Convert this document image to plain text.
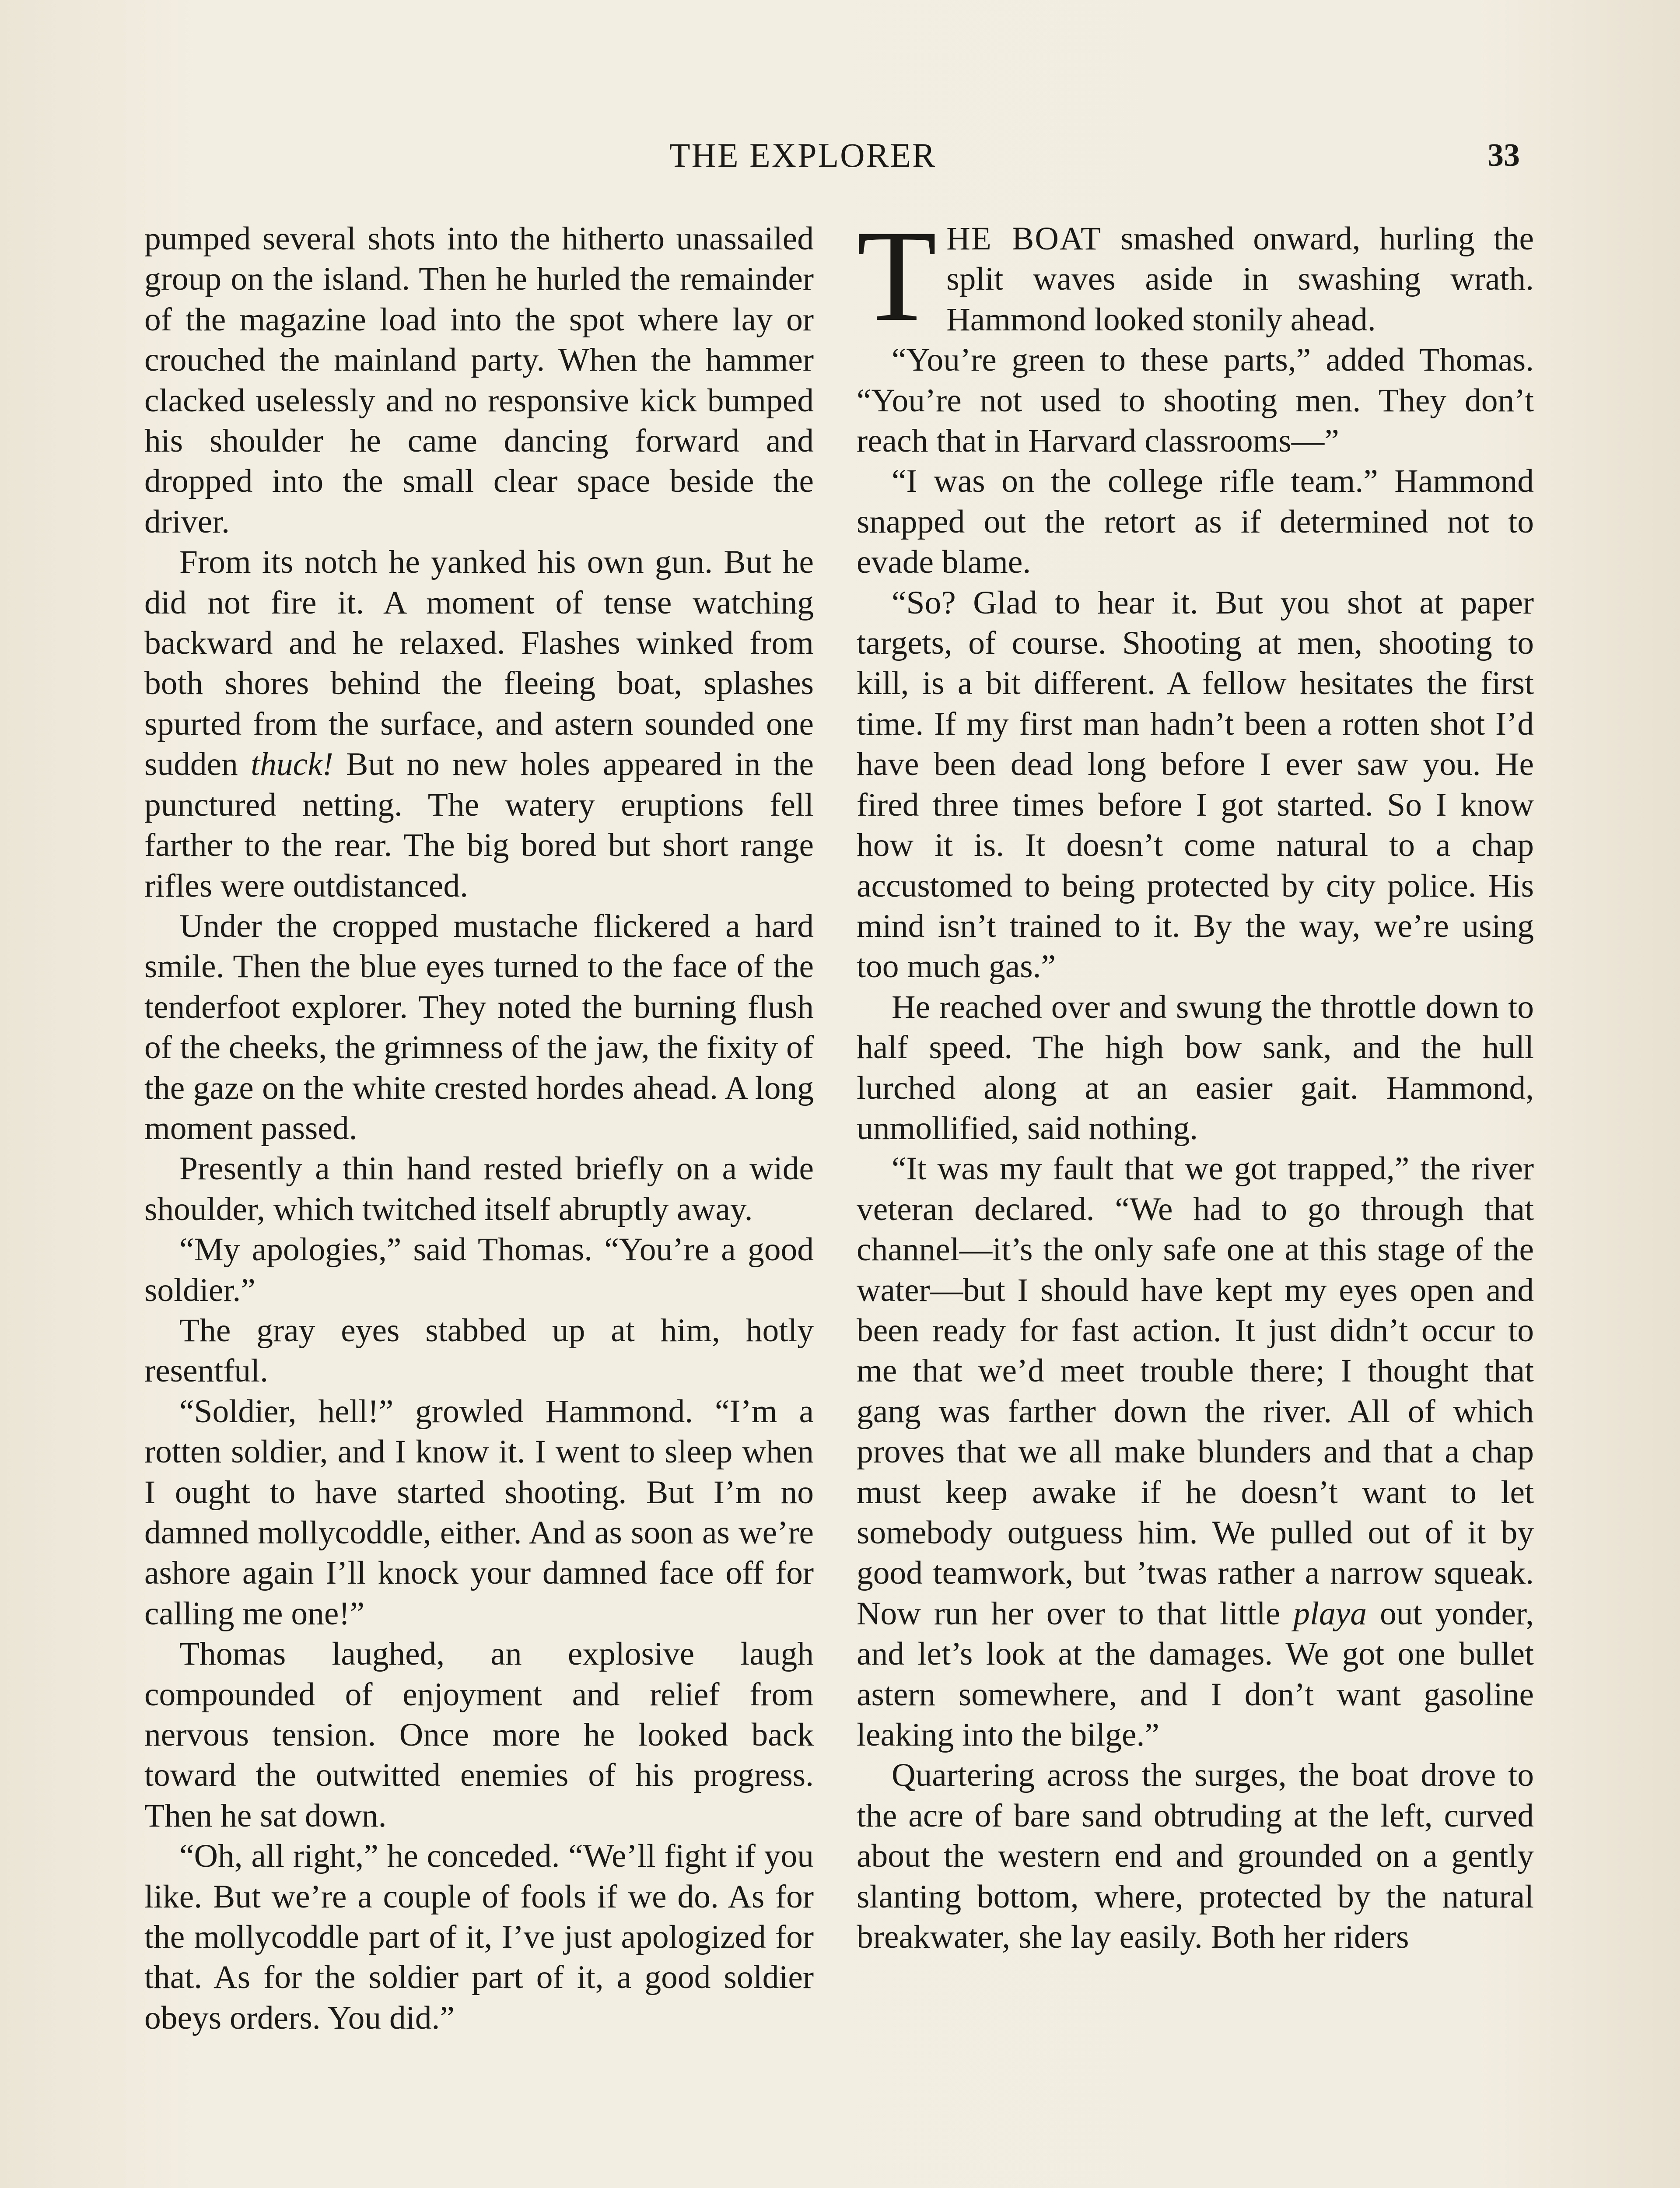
THE EXPLORER	33

pumped several shots into the hitherto unassailed group on the island. Then he hurled the remainder of the magazine load into the spot where lay or crouched the mainland party. When the hammer clacked uselessly and no responsive kick bumped his shoulder he came dancing forward and dropped into the small clear space beside the driver.

From its notch he yanked his own gun. But he did not fire it. A moment of tense watching backward and he relaxed. Flashes winked from both shores behind the fleeing boat, splashes spurted from the surface, and astern sounded one sudden thuck! But no new holes appeared in the punctured netting. The watery eruptions fell farther to the rear. The big bored but short range rifles were outdistanced.

Under the cropped mustache flickered a hard smile. Then the blue eyes turned to the face of the tenderfoot explorer. They noted the burning flush of the cheeks, the grimness of the jaw, the fixity of the gaze on the white crested hordes ahead. A long moment passed.

Presently a thin hand rested briefly on a wide shoulder, which twitched itself abruptly away.

“My apologies,” said Thomas. “You’re a good soldier.”

The gray eyes stabbed up at him, hotly resentful.

“Soldier, hell!” growled Hammond. “I’m a rotten soldier, and I know it. I went to sleep when I ought to have started shooting. But I’m no damned mollycoddle, either. And as soon as we’re ashore again I’ll knock your damned face off for calling me one!”

Thomas laughed, an explosive laugh compounded of enjoyment and relief from nervous tension. Once more he looked back toward the outwitted enemies of his progress. Then he sat down.

“Oh, all right,” he conceded. “We’ll fight if you like. But we’re a couple of fools if we do. As for the mollycoddle part of it, I’ve just apologized for that. As for the soldier part of it, a good soldier obeys orders. You did.”

THE BOAT smashed onward, hurling the split waves aside in swashing wrath. Hammond looked stonily ahead.

“You’re green to these parts,” added Thomas. “You’re not used to shooting men. They don’t reach that in Harvard classrooms—”

“I was on the college rifle team.” Hammond snapped out the retort as if determined not to evade blame.

“So? Glad to hear it. But you shot at paper targets, of course. Shooting at men, shooting to kill, is a bit different. A fellow hesitates the first time. If my first man hadn’t been a rotten shot I’d have been dead long before I ever saw you. He fired three times before I got started. So I know how it is. It doesn’t come natural to a chap accustomed to being protected by city police. His mind isn’t trained to it. By the way, we’re using too much gas.”

He reached over and swung the throttle down to half speed. The high bow sank, and the hull lurched along at an easier gait. Hammond, unmollified, said nothing.

“It was my fault that we got trapped,” the river veteran declared. “We had to go through that channel—it’s the only safe one at this stage of the water—but I should have kept my eyes open and been ready for fast action. It just didn’t occur to me that we’d meet trouble there; I thought that gang was farther down the river. All of which proves that we all make blunders and that a chap must keep awake if he doesn’t want to let somebody outguess him. We pulled out of it by good teamwork, but ’twas rather a narrow squeak. Now run her over to that little playa out yonder, and let’s look at the damages. We got one bullet astern somewhere, and I don’t want gasoline leaking into the bilge.”

Quartering across the surges, the boat drove to the acre of bare sand obtruding at the left, curved about the western end and grounded on a gently slanting bottom, where, protected by the natural breakwater, she lay easily. Both her riders
